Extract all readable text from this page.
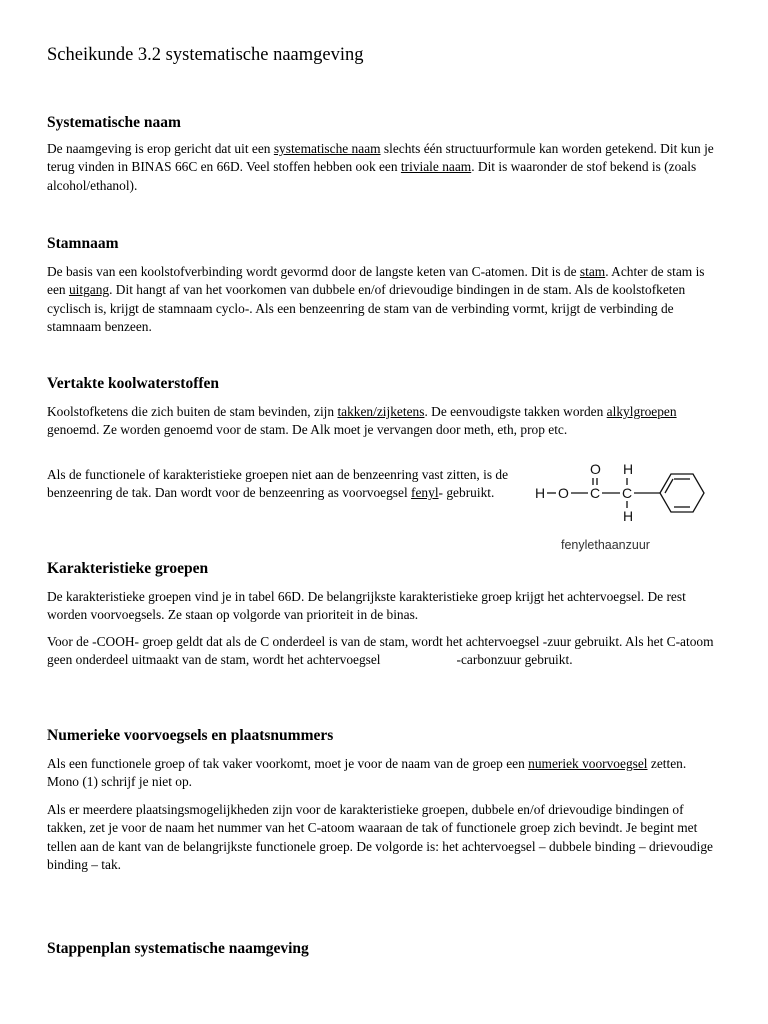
Scheikunde 3.2 systematische naamgeving
Systematische naam
De naamgeving is erop gericht dat uit een systematische naam slechts één structuurformule kan worden getekend. Dit kun je terug vinden in BINAS 66C en 66D. Veel stoffen hebben ook een triviale naam. Dit is waaronder de stof bekend is (zoals alcohol/ethanol).
Stamnaam
De basis van een koolstofverbinding wordt gevormd door de langste keten van C-atomen. Dit is de stam. Achter de stam is een uitgang. Dit hangt af van het voorkomen van dubbele en/of drievoudige bindingen in de stam. Als de koolstofketen cyclisch is, krijgt de stamnaam cyclo-. Als een benzeenring de stam van de verbinding vormt, krijgt de verbinding de stamnaam benzeen.
Vertakte koolwaterstoffen
Koolstofketens die zich buiten de stam bevinden, zijn takken/zijketens. De eenvoudigste takken worden alkylgroepen genoemd. Ze worden genoemd voor de stam. De Alk moet je vervangen door meth, eth, prop etc.
Als de functionele of karakteristieke groepen niet aan de benzeenring vast zitten, is de benzeenring de tak. Dan wordt voor de benzeenring as voorvoegsel fenyl- gebruikt.	H O C C
O H
H
fenylethaanzuur
Karakteristieke groepen
De karakteristieke groepen vind je in tabel 66D. De belangrijkste karakteristieke groep krijgt het achtervoegsel. De rest worden voorvoegsels. Ze staan op volgorde van prioriteit in de binas.
Voor de -COOH- groep geldt dat als de C onderdeel is van de stam, wordt het achtervoegsel -zuur gebruikt. Als het C-atoom geen onderdeel uitmaakt van de stam, wordt het achtervoegsel	-carbonzuur gebruikt.
Numerieke voorvoegsels en plaatsnummers
Als een functionele groep of tak vaker voorkomt, moet je voor de naam van de groep een numeriek voorvoegsel zetten. Mono (1) schrijf je niet op.
Als er meerdere plaatsingsmogelijkheden zijn voor de karakteristieke groepen, dubbele en/of drievoudige bindingen of takken, zet je voor de naam het nummer van het C-atoom waaraan de tak of functionele groep zich bevindt. Je begint met tellen aan de kant van de belangrijkste functionele groep. De volgorde is: het achtervoegsel – dubbele binding – drievoudige binding – tak.
Stappenplan systematische naamgeving
